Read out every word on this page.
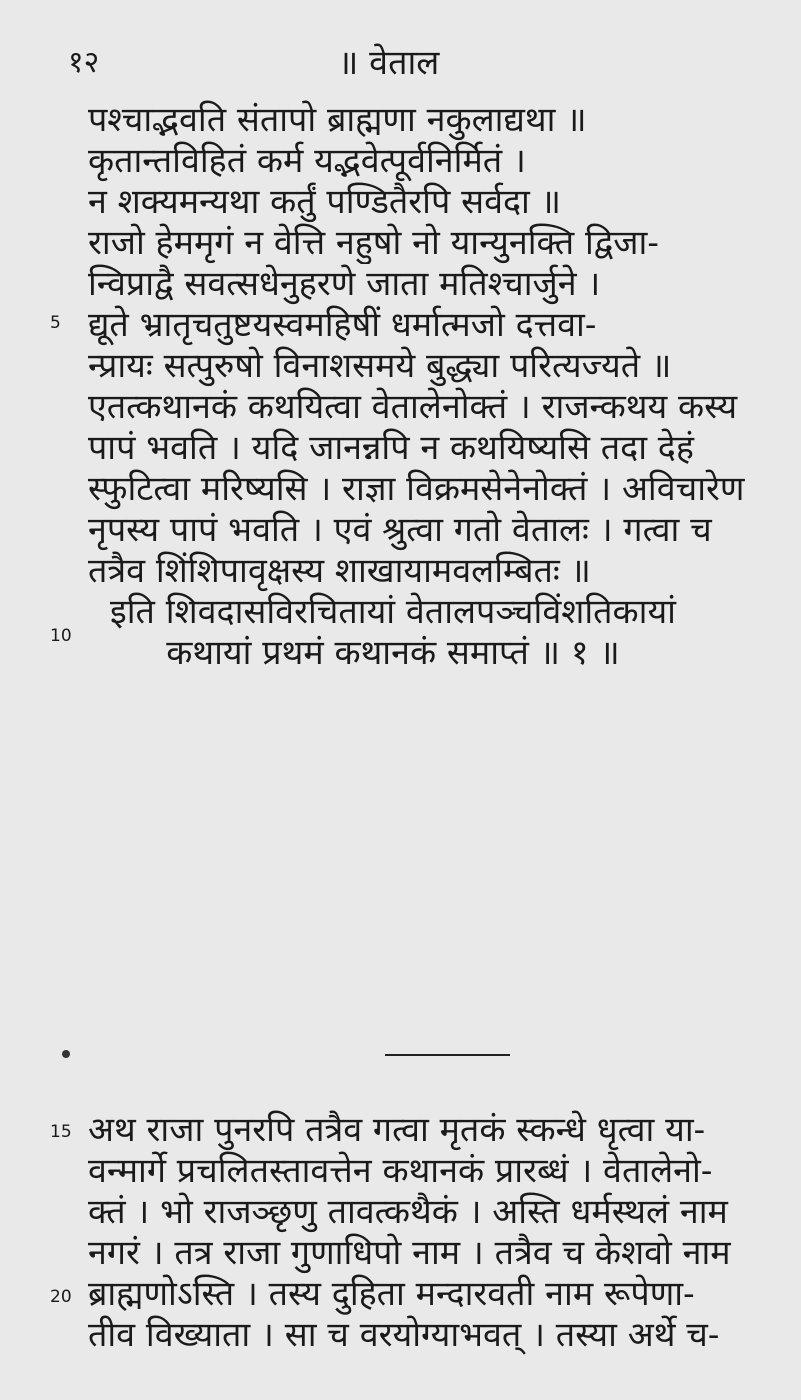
१२	॥ वेताल
5
10
15
20
पश्चाद्भवति संतापो ब्राह्मणा नकुलाद्यथा ॥
कृतान्तविहितं कर्म यद्भवेत्पूर्वनिर्मितं ।
न शक्यमन्यथा कर्तुं पण्डितैरपि सर्वदा ॥
राजो हेममृगं न वेत्ति नहुषो नो यान्युनक्ति द्विजा-
न्विप्राद्वै सवत्सधेनुहरणे जाता मतिश्चार्जुने ।
द्यूते भ्रातृचतुष्टयस्वमहिषीं धर्मात्मजो दत्तवा-
न्प्रायः सत्पुरुषो विनाशसमये बुद्ध्या परित्यज्यते ॥
एतत्कथानकं कथयित्वा वेतालेनोक्तं । राजन्कथय कस्य
पापं भवति । यदि जानन्नपि न कथयिष्यसि तदा देहं
स्फुटित्वा मरिष्यसि । राज्ञा विक्रमसेनेनोक्तं । अविचारेण
नृपस्य पापं भवति । एवं श्रुत्वा गतो वेतालः । गत्वा च
तत्रैव शिंशिपावृक्षस्य शाखायामवलम्बितः ॥
इति शिवदासविरचितायां वेतालपञ्चविंशतिकायां
कथायां प्रथमं कथानकं समाप्तं ॥ १ ॥
अथ राजा पुनरपि तत्रैव गत्वा मृतकं स्कन्धे धृत्वा या-
वन्मार्गे प्रचलितस्तावत्तेन कथानकं प्रारब्धं । वेतालेनो-
क्तं । भो राजञ्छृणु तावत्कथैकं । अस्ति धर्मस्थलं नाम
नगरं । तत्र राजा गुणाधिपो नाम । तत्रैव च केशवो नाम
ब्राह्मणोऽस्ति । तस्य दुहिता मन्दारवती नाम रूपेणा-
तीव विख्याता । सा च वरयोग्याभवत् । तस्या अर्थे च-
